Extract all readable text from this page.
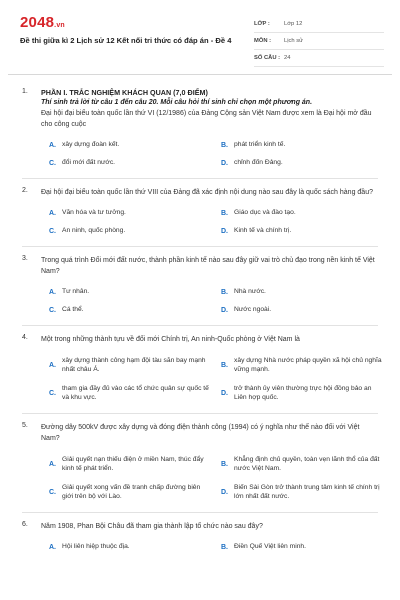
2048.vn
Đề thi giữa kì 2 Lịch sử 12 Kết nối tri thức có đáp án - Đề 4
LỚP :	Lớp 12
MÔN :	Lịch sử
SỐ CÂU : 24
1. PHẦN I. TRẮC NGHIỆM KHÁCH QUAN (7,0 ĐIỂM)
Thí sinh trả lời từ câu 1 đến câu 20. Mỗi câu hỏi thí sinh chỉ chọn một phương án.
Đại hội đại biểu toàn quốc lần thứ VI (12/1986) của Đảng Cộng sản Việt Nam được xem là Đại hội mở đầu cho công cuộc
A. xây dựng đoàn kết.	B. phát triển kinh tế.
C. đổi mới đất nước.	D. chỉnh đốn Đảng.
2. Đại hội đại biểu toàn quốc lần thứ VIII của Đảng đã xác định nội dung nào sau đây là quốc sách hàng đầu?
A. Văn hóa và tư tưởng.	B. Giáo dục và đào tạo.
C. An ninh, quốc phòng.	D. Kinh tế và chính trị.
3. Trong quá trình Đổi mới đất nước, thành phần kinh tế nào sau đây giữ vai trò chủ đạo trong nền kinh tế Việt Nam?
A. Tư nhân.	B. Nhà nước.
C. Cá thể.	D. Nước ngoài.
4. Một trong những thành tựu về đổi mới Chính trị, An ninh-Quốc phòng ở Việt Nam là
A.
xây dựng thành công hạm đội tàu săn bay mạnh nhất châu Á.
B.
xây dựng Nhà nước pháp quyền xã hội chủ nghĩa vững mạnh.
C.
tham gia đầy đủ vào các tổ chức quân sự quốc tế và khu vực.
D.
trở thành ủy viên thường trực hội đồng bảo an Liên hợp quốc.
5. Đường dây 500kV được xây dựng và đóng điện thành công (1994) có ý nghĩa như thế nào đối với Việt Nam?
A.
Giải quyết nạn thiếu điện ở miền Nam, thúc đẩy kinh tế phát triển.
B.
Khẳng định chủ quyền, toàn vẹn lãnh thổ của đất nước Việt Nam.
C.
Giải quyết xong vấn đề tranh chấp đường biên giới trên bộ với Lào.
D.
Biến Sài Gòn trở thành trung tâm kinh tế chính trị lớn nhất đất nước.
6. Năm 1908, Phan Bội Châu đã tham gia thành lập tổ chức nào sau đây?
A. Hội liên hiệp thuộc địa.	B. Điền Quế Việt liên minh.
